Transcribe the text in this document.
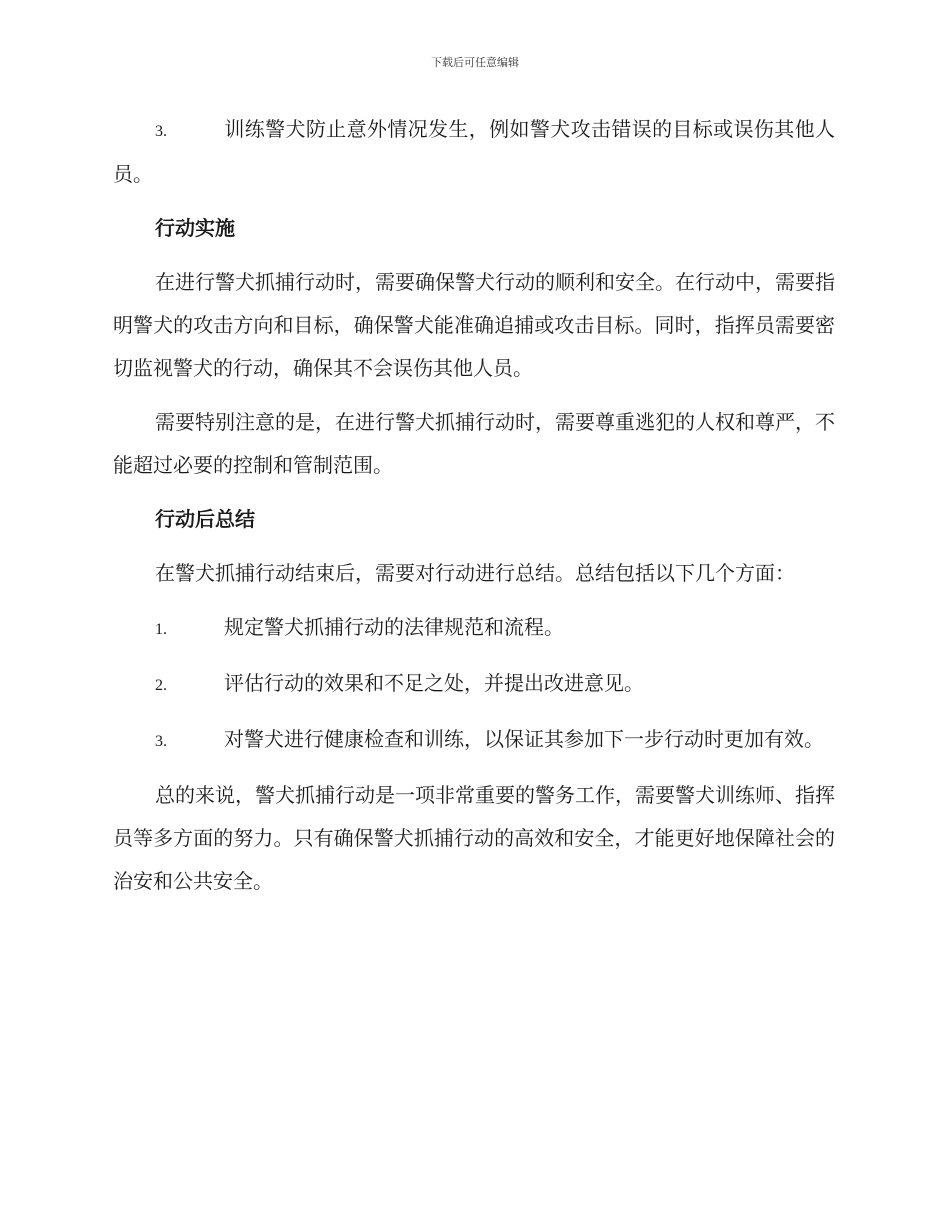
下载后可任意编辑

3.	训练警犬防止意外情况发生，例如警犬攻击错误的目标或误伤其他人员。

行动实施

在进行警犬抓捕行动时，需要确保警犬行动的顺利和安全。在行动中，需要指明警犬的攻击方向和目标，确保警犬能准确追捕或攻击目标。同时，指挥员需要密切监视警犬的行动，确保其不会误伤其他人员。

需要特别注意的是，在进行警犬抓捕行动时，需要尊重逃犯的人权和尊严，不能超过必要的控制和管制范围。

行动后总结

在警犬抓捕行动结束后，需要对行动进行总结。总结包括以下几个方面：

1.	规定警犬抓捕行动的法律规范和流程。

2.	评估行动的效果和不足之处，并提出改进意见。

3.	对警犬进行健康检查和训练，以保证其参加下一步行动时更加有效。

总的来说，警犬抓捕行动是一项非常重要的警务工作，需要警犬训练师、指挥员等多方面的努力。只有确保警犬抓捕行动的高效和安全，才能更好地保障社会的治安和公共安全。
